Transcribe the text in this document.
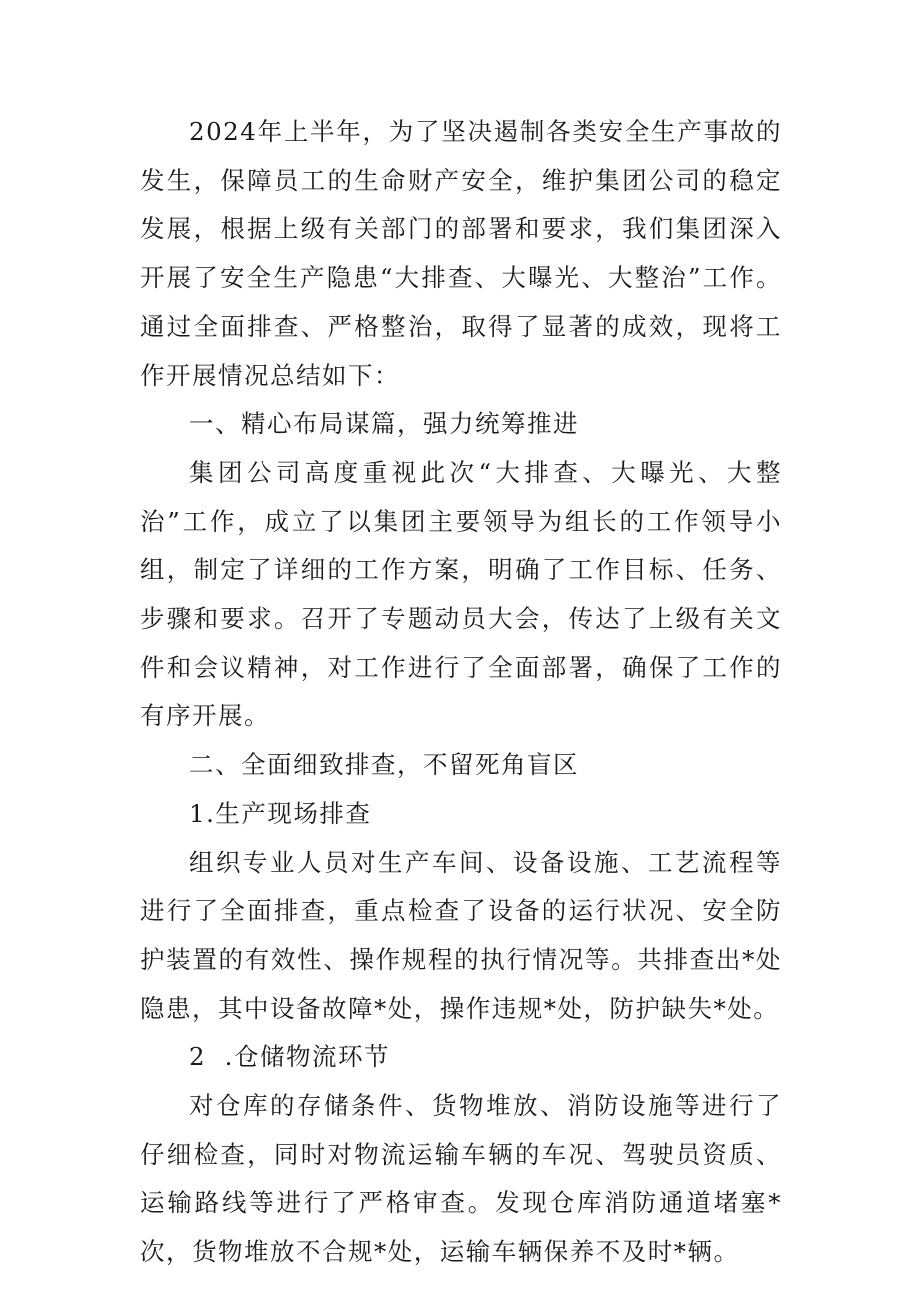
2024年上半年，为了坚决遏制各类安全生产事故的发生，保障员工的生命财产安全，维护集团公司的稳定发展，根据上级有关部门的部署和要求，我们集团深入开展了安全生产隐患“大排查、大曝光、大整治”工作。通过全面排查、严格整治，取得了显著的成效，现将工作开展情况总结如下：

一、精心布局谋篇，强力统筹推进

集团公司高度重视此次“大排查、大曝光、大整治”工作，成立了以集团主要领导为组长的工作领导小组，制定了详细的工作方案，明确了工作目标、任务、步骤和要求。召开了专题动员大会，传达了上级有关文件和会议精神，对工作进行了全面部署，确保了工作的有序开展。

二、全面细致排查，不留死角盲区

1.生产现场排查

组织专业人员对生产车间、设备设施、工艺流程等进行了全面排查，重点检查了设备的运行状况、安全防护装置的有效性、操作规程的执行情况等。共排查出*处隐患，其中设备故障*处，操作违规*处，防护缺失*处。

2  .仓储物流环节

对仓库的存储条件、货物堆放、消防设施等进行了仔细检查，同时对物流运输车辆的车况、驾驶员资质、运输路线等进行了严格审查。发现仓库消防通道堵塞*次，货物堆放不合规*处，运输车辆保养不及时*辆。
